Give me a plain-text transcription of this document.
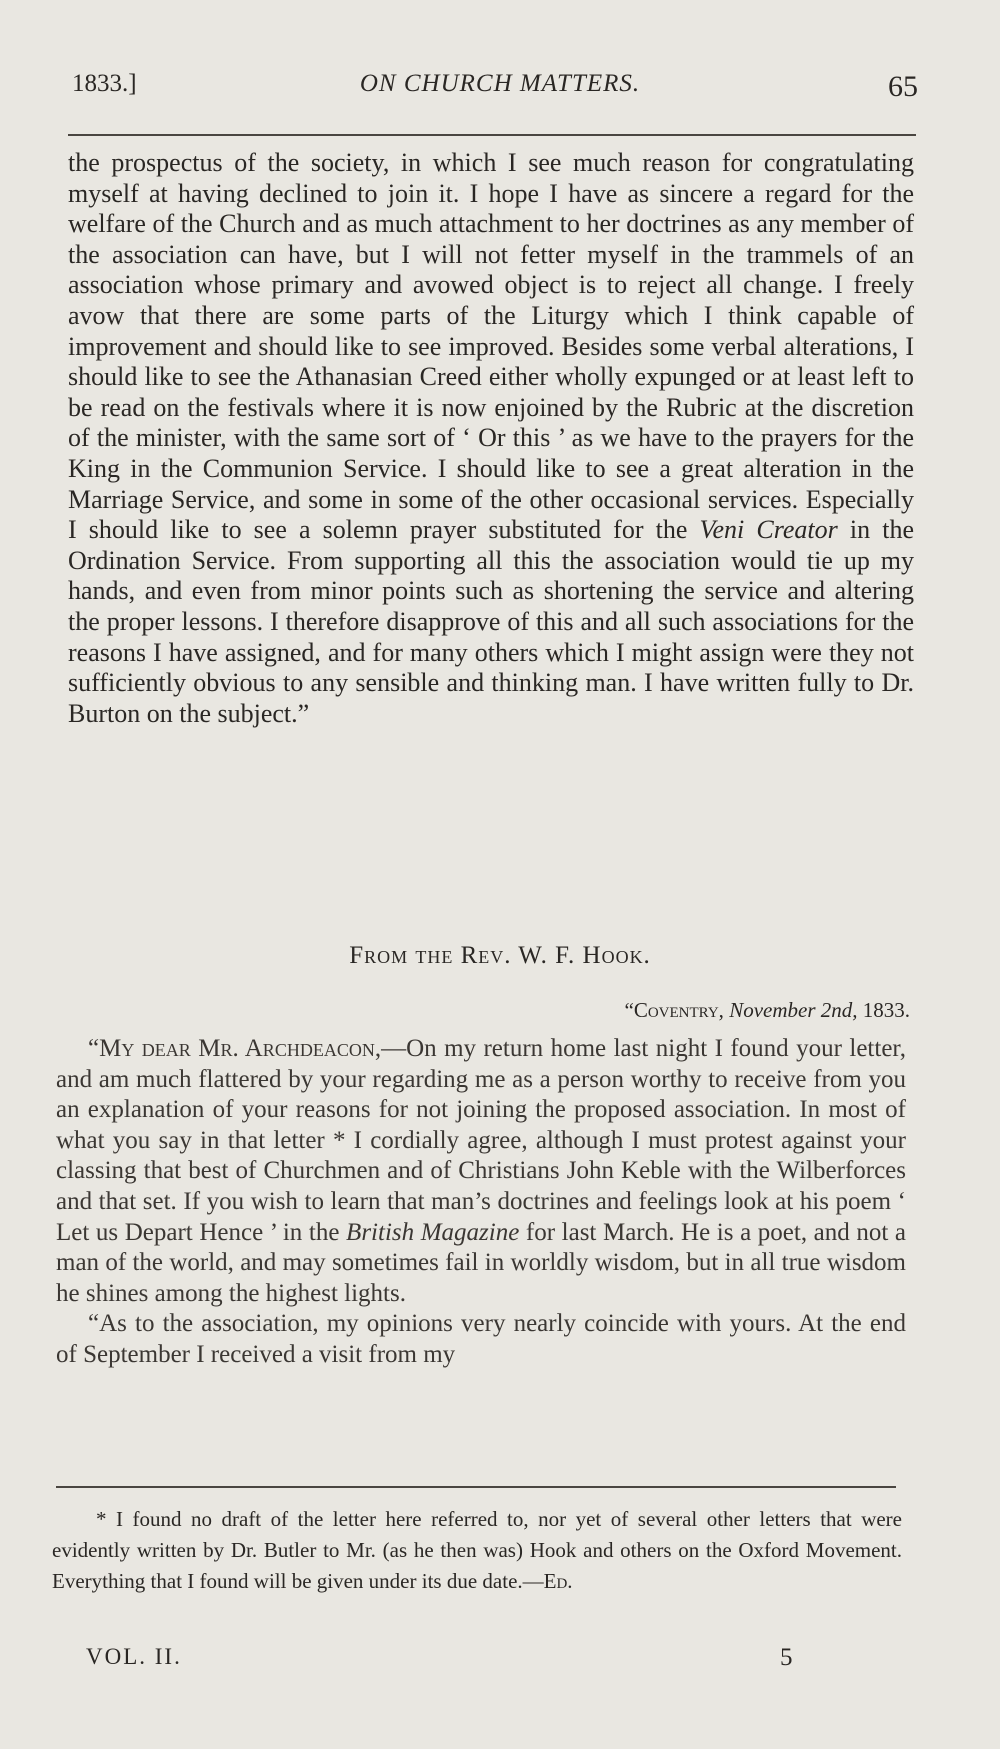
1833.]	ON CHURCH MATTERS.	65

the prospectus of the society, in which I see much reason for congratulating myself at having declined to join it. I hope I have as sincere a regard for the welfare of the Church and as much attachment to her doctrines as any member of the association can have, but I will not fetter myself in the trammels of an association whose primary and avowed object is to reject all change. I freely avow that there are some parts of the Liturgy which I think capable of improvement and should like to see improved. Besides some verbal alterations, I should like to see the Athanasian Creed either wholly expunged or at least left to be read on the festivals where it is now enjoined by the Rubric at the discretion of the minister, with the same sort of ‘ Or this ’ as we have to the prayers for the King in the Communion Service. I should like to see a great alteration in the Marriage Service, and some in some of the other occasional services. Especially I should like to see a solemn prayer substituted for the Veni Creator in the Ordination Service. From supporting all this the association would tie up my hands, and even from minor points such as shortening the service and altering the proper lessons. I therefore disapprove of this and all such associations for the reasons I have assigned, and for many others which I might assign were they not sufficiently obvious to any sensible and thinking man. I have written fully to Dr. Burton on the subject.”

From the Rev. W. F. Hook.
“Coventry, November 2nd, 1833.

“My dear Mr. Archdeacon,—On my return home last night I found your letter, and am much flattered by your regarding me as a person worthy to receive from you an explanation of your reasons for not joining the proposed association. In most of what you say in that letter * I cordially agree, although I must protest against your classing that best of Churchmen and of Christians John Keble with the Wilberforces and that set. If you wish to learn that man’s doctrines and feelings look at his poem ‘ Let us Depart Hence ’ in the British Magazine for last March. He is a poet, and not a man of the world, and may sometimes fail in worldly wisdom, but in all true wisdom he shines among the highest lights.

“As to the association, my opinions very nearly coincide with yours. At the end of September I received a visit from my

* I found no draft of the letter here referred to, nor yet of several other letters that were evidently written by Dr. Butler to Mr. (as he then was) Hook and others on the Oxford Movement. Everything that I found will be given under its due date.—Ed.

VOL. II.	5
